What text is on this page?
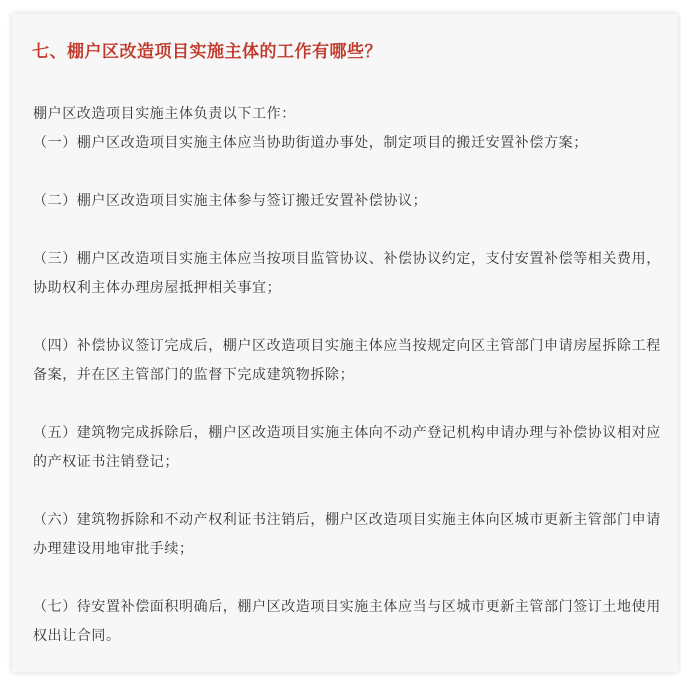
七、棚户区改造项目实施主体的工作有哪些？

棚户区改造项目实施主体负责以下工作：

（一）棚户区改造项目实施主体应当协助街道办事处，制定项目的搬迁安置补偿方案；

（二）棚户区改造项目实施主体参与签订搬迁安置补偿协议；

（三）棚户区改造项目实施主体应当按项目监管协议、补偿协议约定，支付安置补偿等相关费用，协助权利主体办理房屋抵押相关事宜；

（四）补偿协议签订完成后，棚户区改造项目实施主体应当按规定向区主管部门申请房屋拆除工程备案，并在区主管部门的监督下完成建筑物拆除；

（五）建筑物完成拆除后，棚户区改造项目实施主体向不动产登记机构申请办理与补偿协议相对应的产权证书注销登记；

（六）建筑物拆除和不动产权利证书注销后，棚户区改造项目实施主体向区城市更新主管部门申请办理建设用地审批手续；

（七）待安置补偿面积明确后，棚户区改造项目实施主体应当与区城市更新主管部门签订土地使用权出让合同。
